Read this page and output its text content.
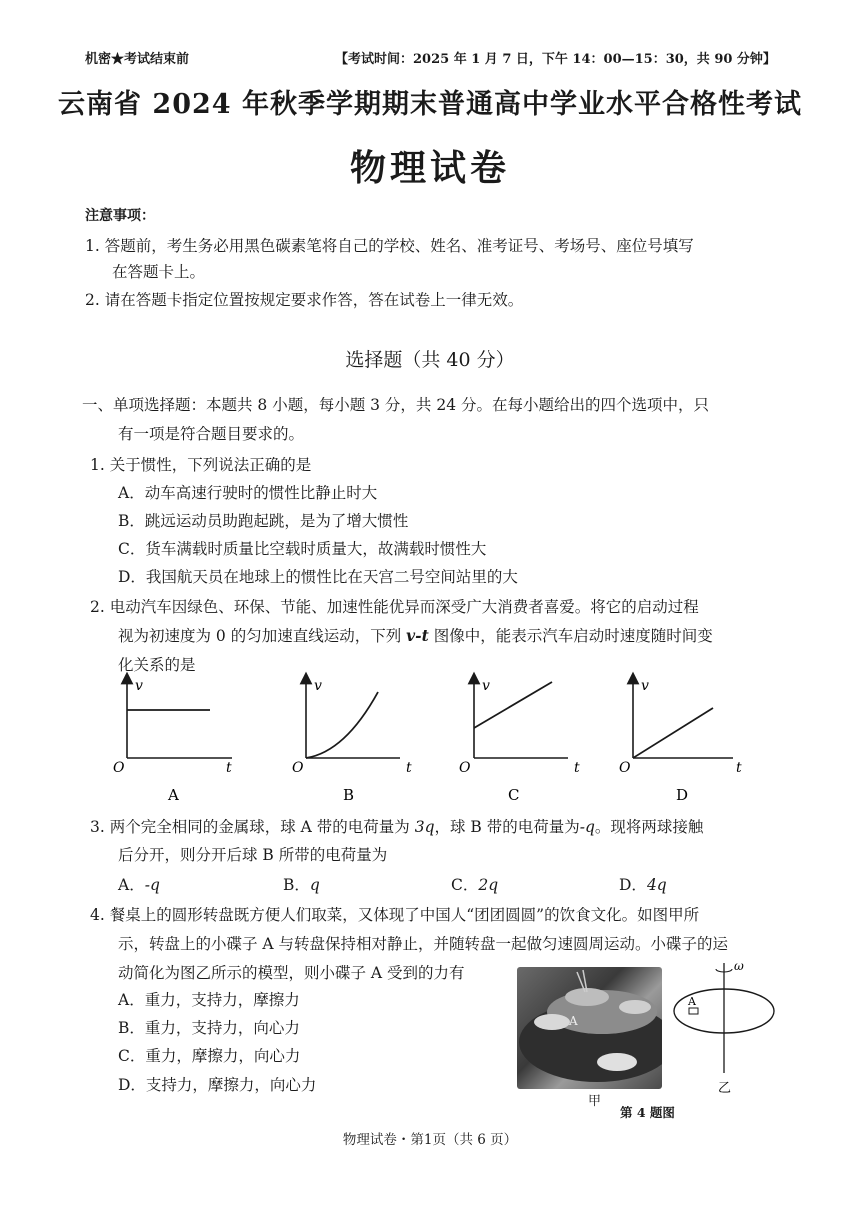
机密★考试结束前	【考试时间：2025 年 1 月 7 日，下午 14：00—15：30，共 90 分钟】
云南省 2024 年秋季学期期末普通高中学业水平合格性考试
物理试卷
注意事项：
1. 答题前，考生务必用黑色碳素笔将自己的学校、姓名、准考证号、考场号、座位号填写
在答题卡上。
2. 请在答题卡指定位置按规定要求作答，答在试卷上一律无效。
选择题（共 40 分）
一、单项选择题：本题共 8 小题，每小题 3 分，共 24 分。在每小题给出的四个选项中，只
有一项是符合题目要求的。
1. 关于惯性，下列说法正确的是
A．动车高速行驶时的惯性比静止时大
B．跳远运动员助跑起跳，是为了增大惯性
C．货车满载时质量比空载时质量大，故满载时惯性大
D．我国航天员在地球上的惯性比在天宫二号空间站里的大
2. 电动汽车因绿色、环保、节能、加速性能优异而深受广大消费者喜爱。将它的启动过程
视为初速度为 0 的匀加速直线运动，下列 v-t 图像中，能表示汽车启动时速度随时间变
化关系的是
v
O	t
A
v
O	t
B
v
O	t
C
v
O	t
D
3. 两个完全相同的金属球，球 A 带的电荷量为 3q，球 B 带的电荷量为-q。现将两球接触
后分开，则分开后球 B 所带的电荷量为
A．-q	B．q	C．2q	D．4q
4. 餐桌上的圆形转盘既方便人们取菜，又体现了中国人“团团圆圆”的饮食文化。如图甲所
示，转盘上的小碟子 A 与转盘保持相对静止，并随转盘一起做匀速圆周运动。小碟子的运
动简化为图乙所示的模型，则小碟子 A 受到的力有
A．重力，支持力，摩擦力
B．重力，支持力，向心力
C．重力，摩擦力，向心力
D．支持力，摩擦力，向心力
A
甲
ω
A
乙
第 4 题图
物理试卷・第1页（共 6 页）
